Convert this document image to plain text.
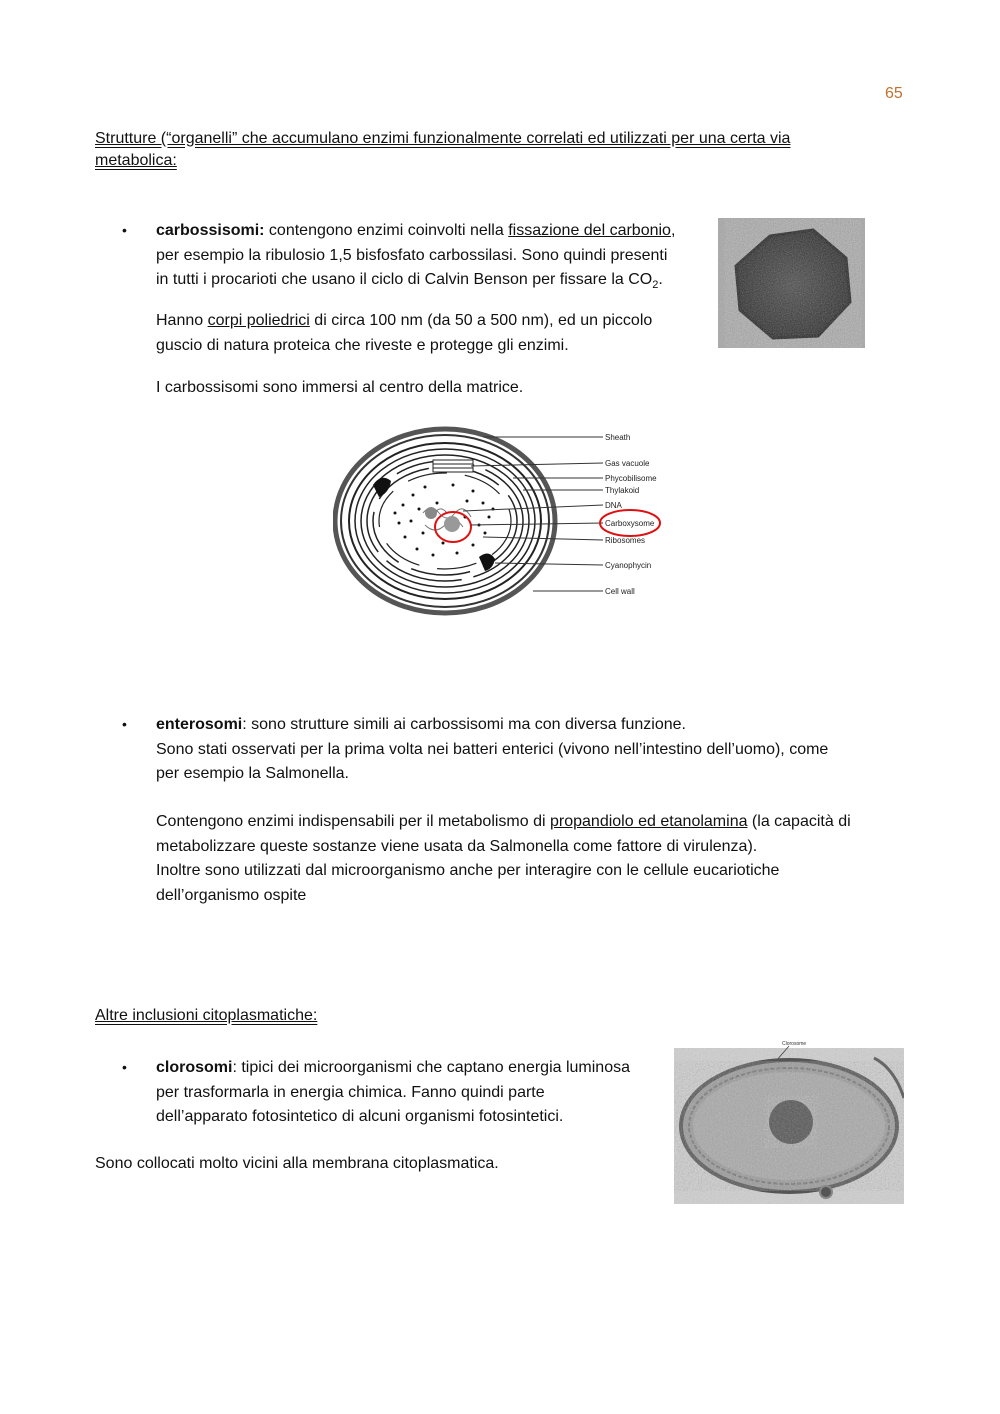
65
Strutture (“organelli” che accumulano enzimi funzionalmente correlati ed utilizzati per una certa via
metabolica:
• carbossisomi: contengono enzimi coinvolti nella fissazione del carbonio,
per esempio la ribulosio 1,5 bisfosfato carbossilasi. Sono quindi presenti
in tutti i procarioti che usano il ciclo di Calvin Benson per fissare la $CO_2$.
Hanno corpi poliedrici di circa 100 nm (da 50 a 500 nm), ed un piccolo
guscio di natura proteica che riveste e protegge gli enzimi.
I carbossisomi sono immersi al centro della matrice.
Sheath
Gas vacuole
Phycobilisome
Thylakoid
DNA
Carboxysome
Ribosomes
Cyanophycin
Cell wall
• enterosomi: sono strutture simili ai carbossisomi ma con diversa funzione.
Sono stati osservati per la prima volta nei batteri enterici (vivono nell’intestino dell’uomo), come
per esempio la Salmonella.
Contengono enzimi indispensabili per il metabolismo di propandiolo ed etanolamina (la capacità di
metabolizzare queste sostanze viene usata da Salmonella come fattore di virulenza).
Inoltre sono utilizzati dal microorganismo anche per interagire con le cellule eucariotiche
dell’organismo ospite
Altre inclusioni citoplasmatiche:
• clorosomi: tipici dei microorganismi che captano energia luminosa
per trasformarla in energia chimica. Fanno quindi parte
dell’apparato fotosintetico di alcuni organismi fotosintetici.
Sono collocati molto vicini alla membrana citoplasmatica.
Clorosome
